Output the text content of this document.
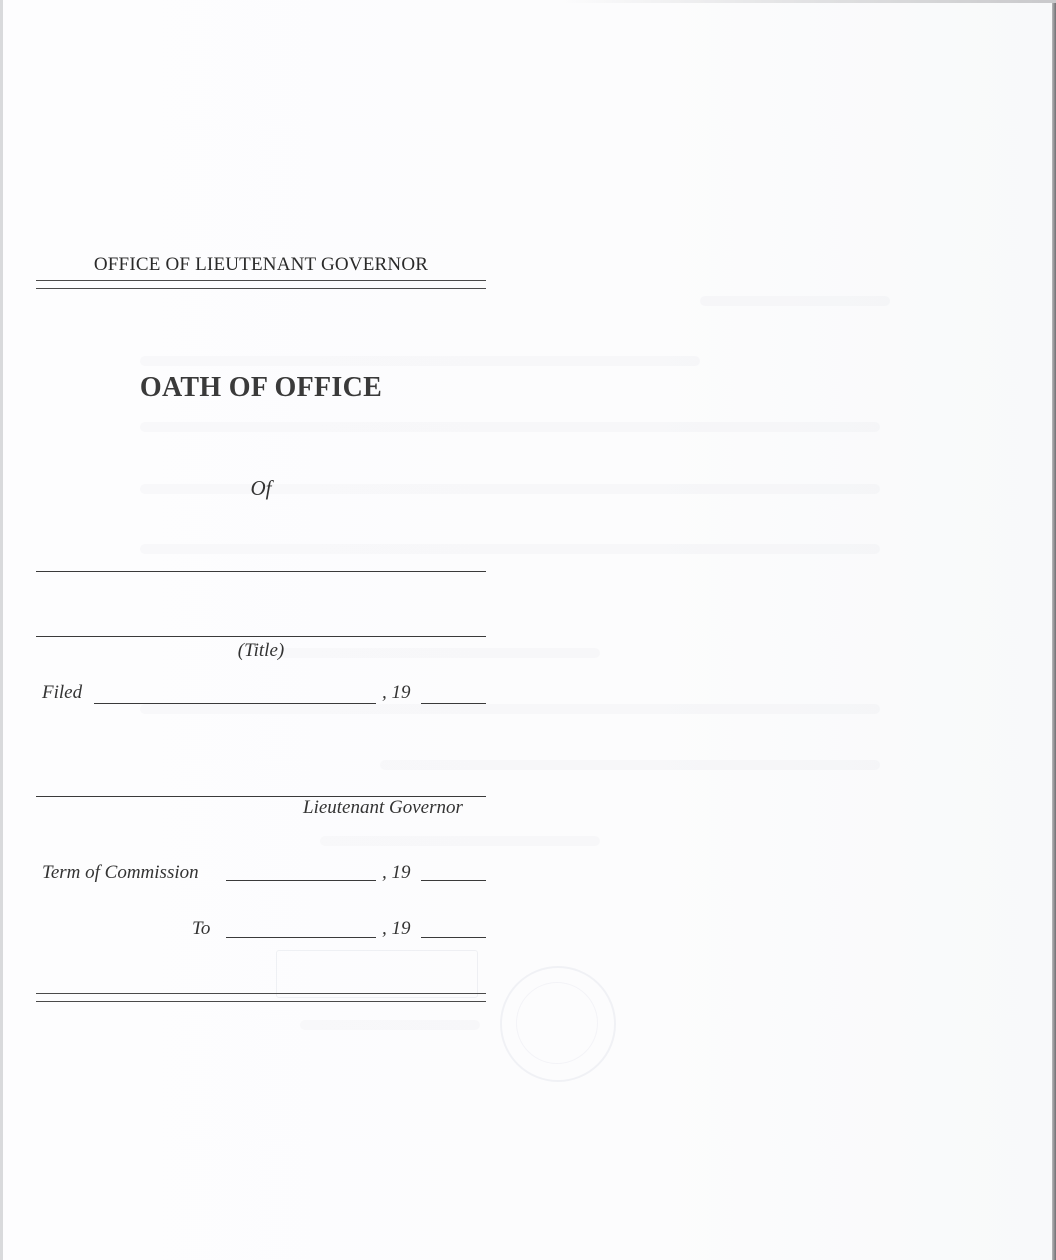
OFFICE OF LIEUTENANT GOVERNOR
OATH OF OFFICE
Of
(Title)
Filed	, 19
Lieutenant Governor
Term of Commission	, 19
To	, 19
